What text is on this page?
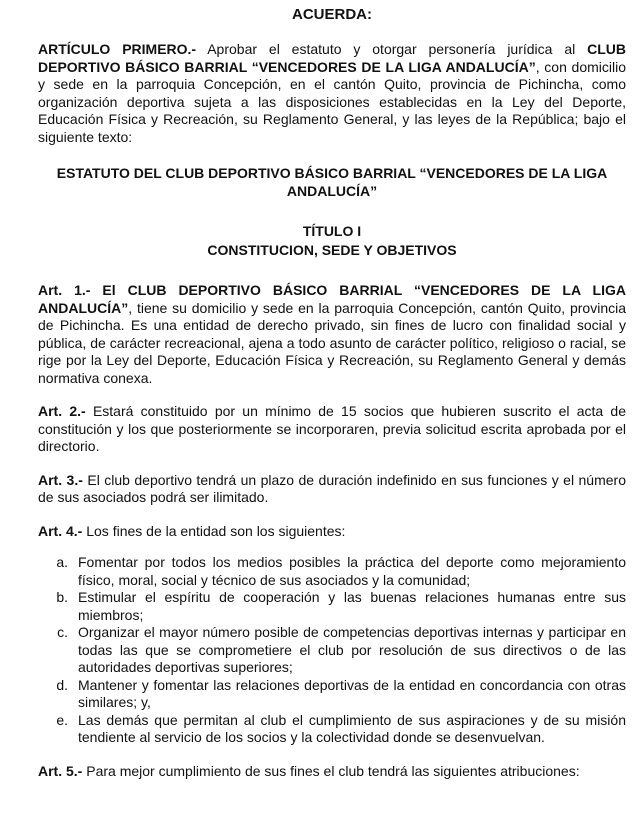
ACUERDA:

ARTÍCULO PRIMERO.- Aprobar el estatuto y otorgar personería jurídica al CLUB DEPORTIVO BÁSICO BARRIAL “VENCEDORES DE LA LIGA ANDALUCÍA”, con domicilio y sede en la parroquia Concepción, en el cantón Quito, provincia de Pichincha, como organización deportiva sujeta a las disposiciones establecidas en la Ley del Deporte, Educación Física y Recreación, su Reglamento General, y las leyes de la República; bajo el siguiente texto:

ESTATUTO DEL CLUB DEPORTIVO BÁSICO BARRIAL “VENCEDORES DE LA LIGA ANDALUCÍA”
TÍTULO I
CONSTITUCION, SEDE Y OBJETIVOS

Art. 1.- El CLUB DEPORTIVO BÁSICO BARRIAL “VENCEDORES DE LA LIGA ANDALUCÍA”, tiene su domicilio y sede en la parroquia Concepción, cantón Quito, provincia de Pichincha. Es una entidad de derecho privado, sin fines de lucro con finalidad social y pública, de carácter recreacional, ajena a todo asunto de carácter político, religioso o racial, se rige por la Ley del Deporte, Educación Física y Recreación, su Reglamento General y demás normativa conexa.

Art. 2.- Estará constituido por un mínimo de 15 socios que hubieren suscrito el acta de constitución y los que posteriormente se incorporaren, previa solicitud escrita aprobada por el directorio.

Art. 3.- El club deportivo tendrá un plazo de duración indefinido en sus funciones y el número de sus asociados podrá ser ilimitado.

Art. 4.- Los fines de la entidad son los siguientes:

a. Fomentar por todos los medios posibles la práctica del deporte como mejoramiento físico, moral, social y técnico de sus asociados y la comunidad;
b. Estimular el espíritu de cooperación y las buenas relaciones humanas entre sus miembros;
c. Organizar el mayor número posible de competencias deportivas internas y participar en todas las que se comprometiere el club por resolución de sus directivos o de las autoridades deportivas superiores;
d. Mantener y fomentar las relaciones deportivas de la entidad en concordancia con otras similares; y,
e. Las demás que permitan al club el cumplimiento de sus aspiraciones y de su misión tendiente al servicio de los socios y la colectividad donde se desenvuelvan.

Art. 5.- Para mejor cumplimiento de sus fines el club tendrá las siguientes atribuciones:
